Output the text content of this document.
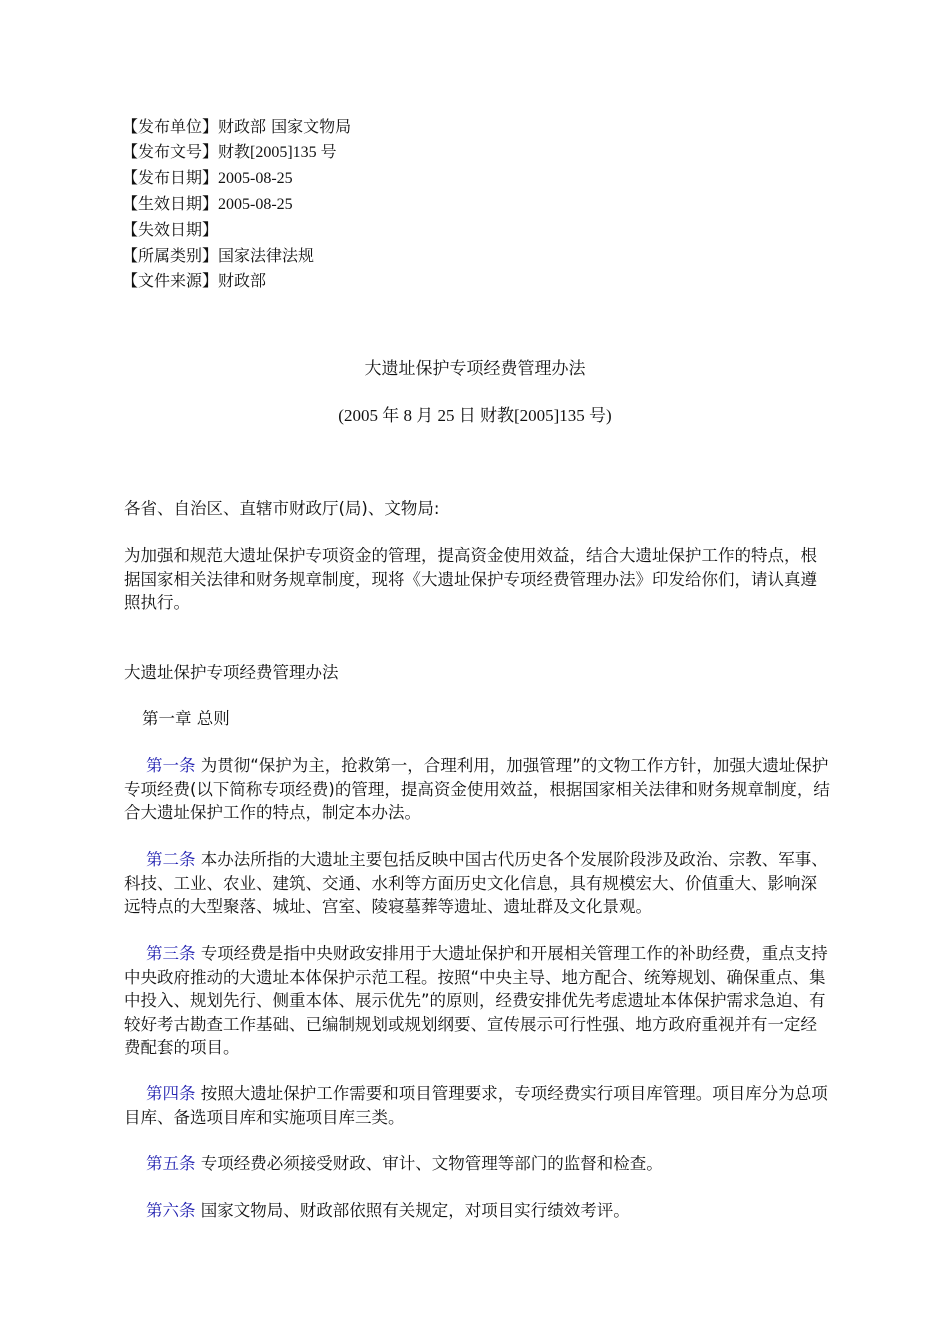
【发布单位】财政部 国家文物局
【发布文号】财教[2005]135 号
【发布日期】2005-08-25
【生效日期】2005-08-25
【失效日期】
【所属类别】国家法律法规
【文件来源】财政部
大遗址保护专项经费管理办法
(2005 年 8 月 25 日 财教[2005]135 号)
各省、自治区、直辖市财政厅(局)、文物局:
为加强和规范大遗址保护专项资金的管理，提高资金使用效益，结合大遗址保护工作的特点，根据国家相关法律和财务规章制度，现将《大遗址保护专项经费管理办法》印发给你们，请认真遵照执行。
大遗址保护专项经费管理办法
第一章 总则
第一条 为贯彻“保护为主，抢救第一，合理利用，加强管理”的文物工作方针，加强大遗址保护专项经费(以下简称专项经费)的管理，提高资金使用效益，根据国家相关法律和财务规章制度，结合大遗址保护工作的特点，制定本办法。
第二条 本办法所指的大遗址主要包括反映中国古代历史各个发展阶段涉及政治、宗教、军事、科技、工业、农业、建筑、交通、水利等方面历史文化信息，具有规模宏大、价值重大、影响深远特点的大型聚落、城址、宫室、陵寝墓葬等遗址、遗址群及文化景观。
第三条 专项经费是指中央财政安排用于大遗址保护和开展相关管理工作的补助经费，重点支持中央政府推动的大遗址本体保护示范工程。按照“中央主导、地方配合、统筹规划、确保重点、集中投入、规划先行、侧重本体、展示优先”的原则，经费安排优先考虑遗址本体保护需求急迫、有较好考古勘查工作基础、已编制规划或规划纲要、宣传展示可行性强、地方政府重视并有一定经费配套的项目。
第四条 按照大遗址保护工作需要和项目管理要求，专项经费实行项目库管理。项目库分为总项目库、备选项目库和实施项目库三类。
第五条 专项经费必须接受财政、审计、文物管理等部门的监督和检查。
第六条 国家文物局、财政部依照有关规定，对项目实行绩效考评。
